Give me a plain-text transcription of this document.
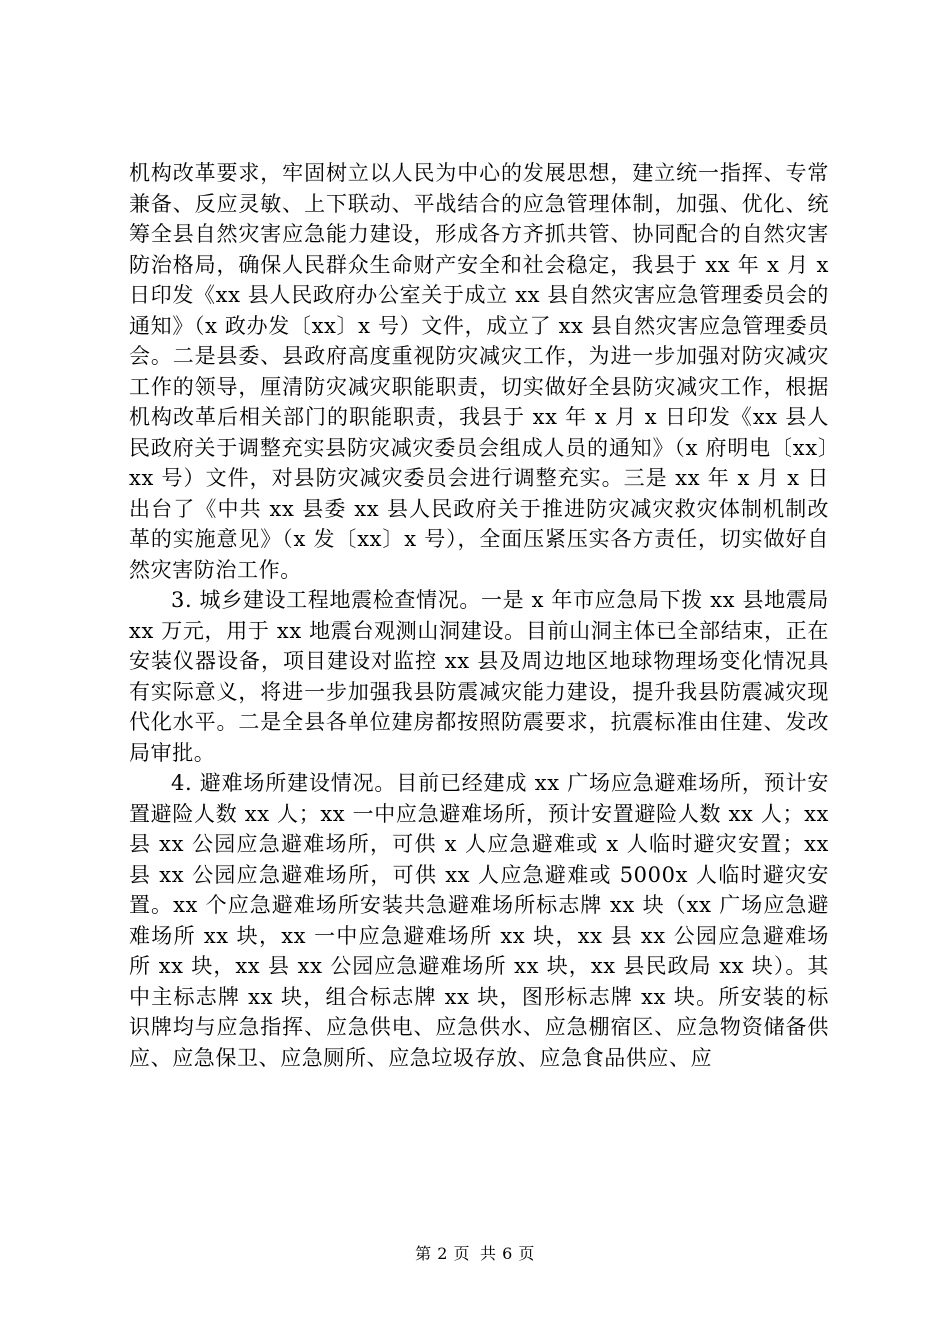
机构改革要求，牢固树立以人民为中心的发展思想，建立统一指挥、专常兼备、反应灵敏、上下联动、平战结合的应急管理体制，加强、优化、统筹全县自然灾害应急能力建设，形成各方齐抓共管、协同配合的自然灾害防治格局，确保人民群众生命财产安全和社会稳定，我县于 xx 年 x 月 x 日印发《xx 县人民政府办公室关于成立 xx 县自然灾害应急管理委员会的通知》（x 政办发〔xx〕x 号）文件，成立了 xx 县自然灾害应急管理委员会。二是县委、县政府高度重视防灾减灾工作，为进一步加强对防灾减灾工作的领导，厘清防灾减灾职能职责，切实做好全县防灾减灾工作，根据机构改革后相关部门的职能职责，我县于 xx 年 x 月 x 日印发《xx 县人民政府关于调整充实县防灾减灾委员会组成人员的通知》（x 府明电〔xx〕xx 号）文件，对县防灾减灾委员会进行调整充实。三是 xx 年 x 月 x 日出台了《中共 xx 县委 xx 县人民政府关于推进防灾减灾救灾体制机制改革的实施意见》（x 发〔xx〕x 号），全面压紧压实各方责任，切实做好自然灾害防治工作。

3. 城乡建设工程地震检查情况。一是 x 年市应急局下拨 xx 县地震局 xx 万元，用于 xx 地震台观测山洞建设。目前山洞主体已全部结束，正在安装仪器设备，项目建设对监控 xx 县及周边地区地球物理场变化情况具有实际意义，将进一步加强我县防震减灾能力建设，提升我县防震减灾现代化水平。二是全县各单位建房都按照防震要求，抗震标准由住建、发改局审批。

4. 避难场所建设情况。目前已经建成 xx 广场应急避难场所，预计安置避险人数 xx 人；xx 一中应急避难场所，预计安置避险人数 xx 人；xx 县 xx 公园应急避难场所，可供 x 人应急避难或 x 人临时避灾安置；xx 县 xx 公园应急避难场所，可供 xx 人应急避难或 5000x 人临时避灾安置。xx 个应急避难场所安装共急避难场所标志牌 xx 块（xx 广场应急避难场所 xx 块，xx 一中应急避难场所 xx 块，xx 县 xx 公园应急避难场所 xx 块，xx 县 xx 公园应急避难场所 xx 块，xx 县民政局 xx 块）。其中主标志牌 xx 块，组合标志牌 xx 块，图形标志牌 xx 块。所安装的标识牌均与应急指挥、应急供电、应急供水、应急棚宿区、应急物资储备供应、应急保卫、应急厕所、应急垃圾存放、应急食品供应、应

第 2 页 共 6 页
